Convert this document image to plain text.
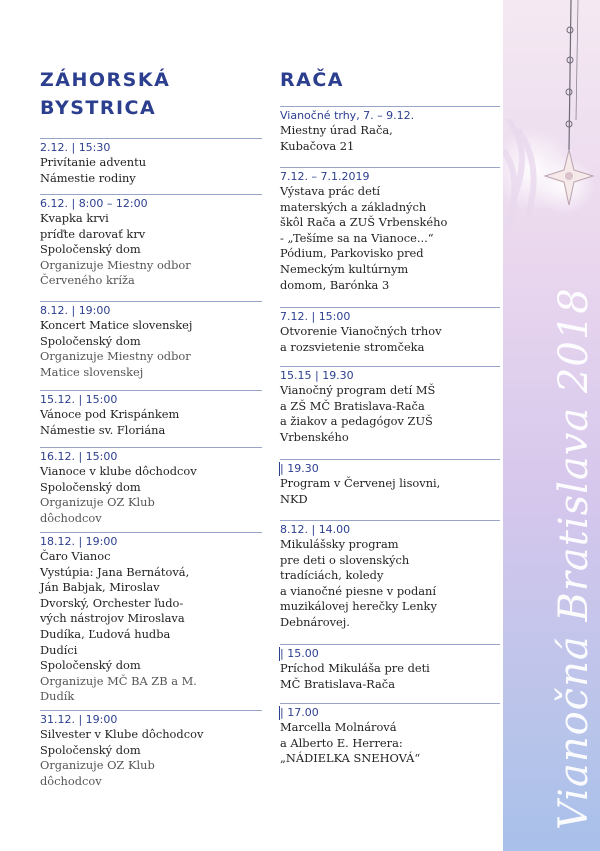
ZÁHORSKÁ
BYSTRICA
2.12. | 15:30
Privítanie adventu
Námestie rodiny
6.12. | 8:00 – 12:00
Kvapka krvi
príďte darovať krv
Spoločenský dom
Organizuje Miestny odbor
Červeného kríža
8.12. | 19:00
Koncert Matice slovenskej
Spoločenský dom
Organizuje Miestny odbor
Matice slovenskej
15.12. | 15:00
Vánoce pod Krispánkem
Námestie sv. Floriána
16.12. | 15:00
Vianoce v klube dôchodcov
Spoločenský dom
Organizuje OZ Klub
dôchodcov
18.12. | 19:00
Čaro Vianoc
Vystúpia: Jana Bernátová,
Ján Babjak, Miroslav
Dvorský, Orchester ľudo-
vých nástrojov Miroslava
Dudíka, Ľudová hudba
Dudíci
Spoločenský dom
Organizuje MČ BA ZB a M.
Dudík
31.12. | 19:00
Silvester v Klube dôchodcov
Spoločenský dom
Organizuje OZ Klub
dôchodcov
RAČA
Vianočné trhy, 7. – 9.12.
Miestny úrad Rača,
Kubačova 21
7.12. – 7.1.2019
Výstava prác detí
materských a základných
škôl Rača a ZUŠ Vrbenského
- „Tešíme sa na Vianoce...“
Pódium, Parkovisko pred
Nemeckým kultúrnym
domom, Barónka 3
7.12. | 15:00
Otvorenie Vianočných trhov
a rozsvietenie stromčeka
15.15 | 19.30
Vianočný program detí MŠ
a ZŠ MČ Bratislava-Rača
a žiakov a pedagógov ZUŠ
Vrbenského
| 19.30
Program v Červenej lisovni,
NKD
8.12. | 14.00
Mikulášsky program
pre deti o slovenských
tradíciách, koledy
a vianočné piesne v podaní
muzikálovej herečky Lenky
Debnárovej.
| 15.00
Príchod Mikuláša pre deti
MČ Bratislava-Rača
| 17.00
Marcella Molnárová
a Alberto E. Herrera:
„NÁDIELKA SNEHOVÁ“	Vianočná Bratislava 2018
